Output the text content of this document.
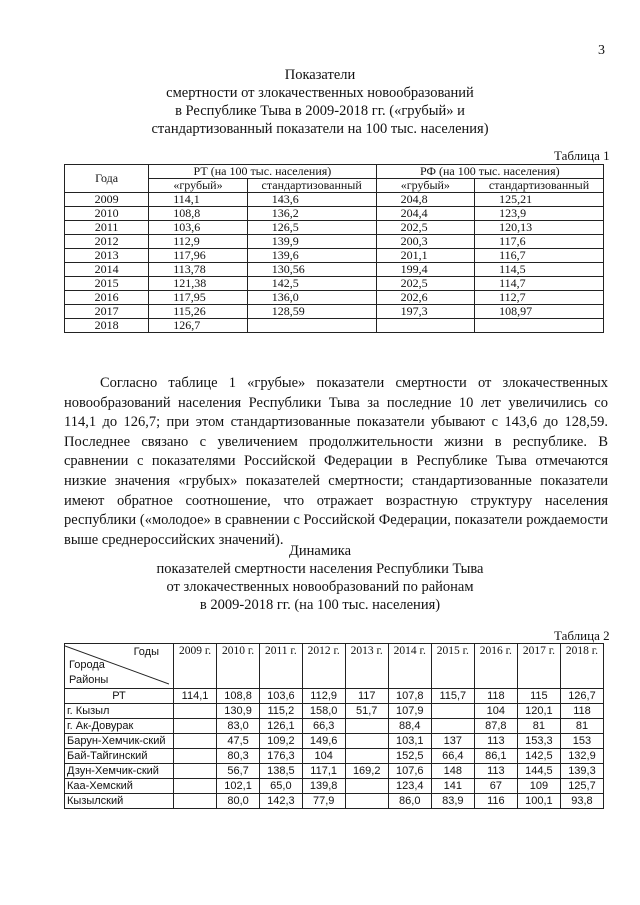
3
Показатели
смертности от злокачественных новообразований
в Республике Тыва в 2009-2018 гг. («грубый» и
стандартизованный показатели на 100 тыс. населения)
Таблица 1
Года	РТ (на 100 тыс. населения)		РФ (на 100 тыс. населения)	
	«грубый»	стандартизованный	«грубый»	стандартизованный
2009	114,1	143,6	204,8	125,21
2010	108,8	136,2	204,4	123,9
2011	103,6	126,5	202,5	120,13
2012	112,9	139,9	200,3	117,6
2013	117,96	139,6	201,1	116,7
2014	113,78	130,56	199,4	114,5
2015	121,38	142,5	202,5	114,7
2016	117,95	136,0	202,6	112,7
2017	115,26	128,59	197,3	108,97
2018	126,7			
Согласно таблице 1 «грубые» показатели смертности от злокачественных новообразований населения Республики Тыва за последние 10 лет увеличились со 114,1 до 126,7; при этом стандартизованные показатели убывают с 143,6 до 128,59. Последнее связано с увеличением продолжительности жизни в республике. В сравнении с показателями Российской Федерации в Республике Тыва отмечаются низкие значения «грубых» показателей смертности; стандартизованные показатели имеют обратное соотношение, что отражает возрастную структуру населения республики («молодое» в сравнении с Российской Федерации, показатели рождаемости выше среднероссийских значений).
Динамика
показателей смертности населения Республики Тыва
от злокачественных новообразований по районам
в 2009-2018 гг. (на 100 тыс. населения)
Таблица 2
Годы
Города
Районы	2009 г.	2010 г.	2011 г.	2012 г.	2013 г.	2014 г.	2015 г.	2016 г.	2017 г.	2018 г.
РТ	114,1	108,8	103,6	112,9	117	107,8	115,7	118	115	126,7
г. Кызыл		130,9	115,2	158,0	51,7	107,9		104	120,1	118
г. Ак-Довурак		83,0	126,1	66,3		88,4		87,8	81	81
Барун-Хемчик-ский		47,5	109,2	149,6		103,1	137	113	153,3	153
Бай-Тайгинский		80,3	176,3	104		152,5	66,4	86,1	142,5	132,9
Дзун-Хемчик-ский		56,7	138,5	117,1	169,2	107,6	148	113	144,5	139,3
Каа-Хемский		102,1	65,0	139,8		123,4	141	67	109	125,7
Кызылский		80,0	142,3	77,9		86,0	83,9	116	100,1	93,8
